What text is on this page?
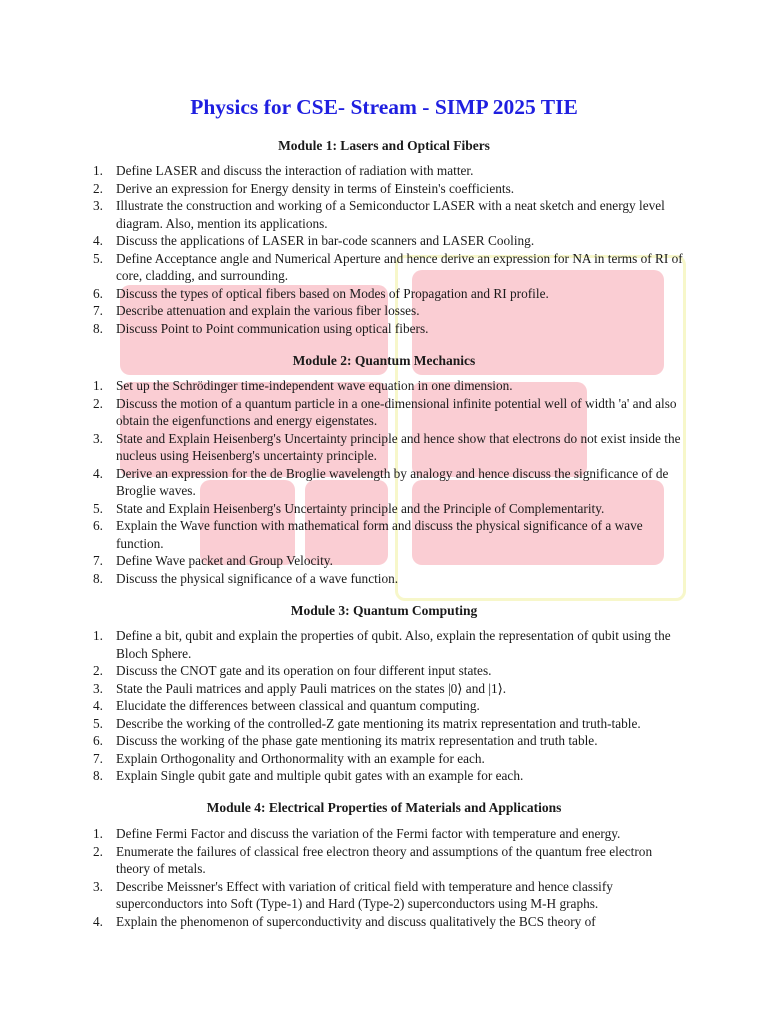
Physics for CSE- Stream - SIMP 2025 TIE
Module 1: Lasers and Optical Fibers
1. Define LASER and discuss the interaction of radiation with matter.
2. Derive an expression for Energy density in terms of Einstein's coefficients.
3. Illustrate the construction and working of a Semiconductor LASER with a neat sketch and energy level diagram. Also, mention its applications.
4. Discuss the applications of LASER in bar-code scanners and LASER Cooling.
5. Define Acceptance angle and Numerical Aperture and hence derive an expression for NA in terms of RI of core, cladding, and surrounding.
6. Discuss the types of optical fibers based on Modes of Propagation and RI profile.
7. Describe attenuation and explain the various fiber losses.
8. Discuss Point to Point communication using optical fibers.
Module 2: Quantum Mechanics
1. Set up the Schrödinger time-independent wave equation in one dimension.
2. Discuss the motion of a quantum particle in a one-dimensional infinite potential well of width 'a' and also obtain the eigenfunctions and energy eigenstates.
3. State and Explain Heisenberg's Uncertainty principle and hence show that electrons do not exist inside the nucleus using Heisenberg's uncertainty principle.
4. Derive an expression for the de Broglie wavelength by analogy and hence discuss the significance of de Broglie waves.
5. State and Explain Heisenberg's Uncertainty principle and the Principle of Complementarity.
6. Explain the Wave function with mathematical form and discuss the physical significance of a wave function.
7. Define Wave packet and Group Velocity.
8. Discuss the physical significance of a wave function.
Module 3: Quantum Computing
1. Define a bit, qubit and explain the properties of qubit. Also, explain the representation of qubit using the Bloch Sphere.
2. Discuss the CNOT gate and its operation on four different input states.
3. State the Pauli matrices and apply Pauli matrices on the states |0⟩ and |1⟩.
4. Elucidate the differences between classical and quantum computing.
5. Describe the working of the controlled-Z gate mentioning its matrix representation and truth-table.
6. Discuss the working of the phase gate mentioning its matrix representation and truth table.
7. Explain Orthogonality and Orthonormality with an example for each.
8. Explain Single qubit gate and multiple qubit gates with an example for each.
Module 4: Electrical Properties of Materials and Applications
1. Define Fermi Factor and discuss the variation of the Fermi factor with temperature and energy.
2. Enumerate the failures of classical free electron theory and assumptions of the quantum free electron theory of metals.
3. Describe Meissner's Effect with variation of critical field with temperature and hence classify superconductors into Soft (Type-1) and Hard (Type-2) superconductors using M-H graphs.
4. Explain the phenomenon of superconductivity and discuss qualitatively the BCS theory of
